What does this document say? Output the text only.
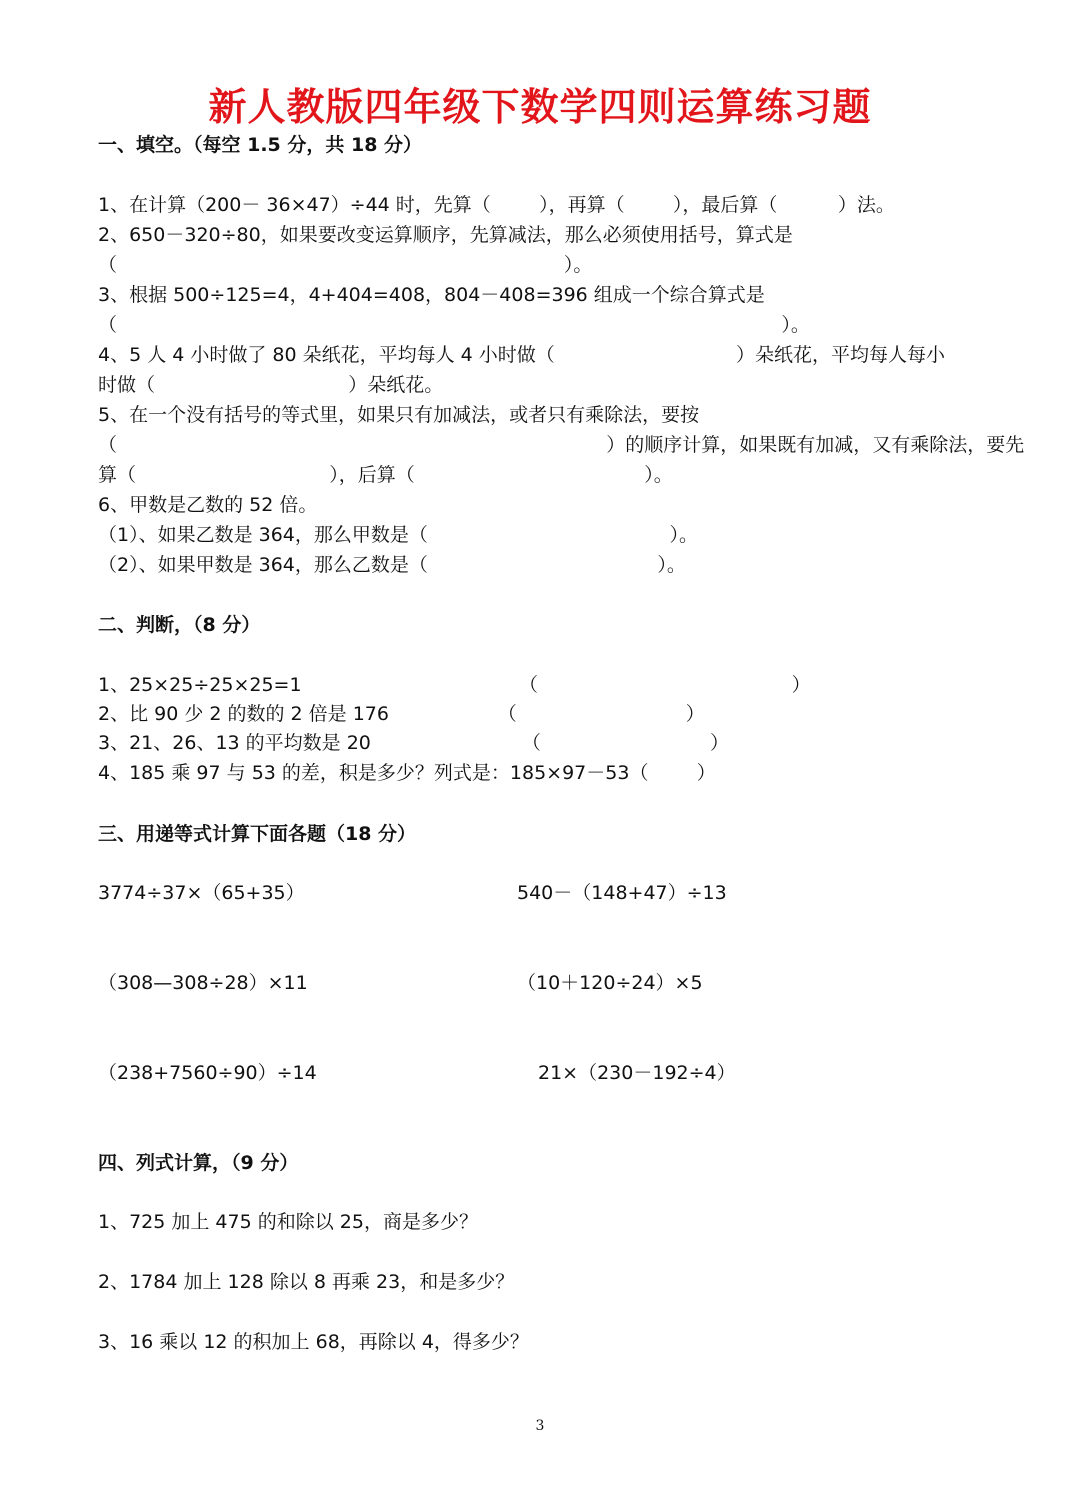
新人教版四年级下数学四则运算练习题
一、填空。（每空 1.5 分，共 18 分）
1、在计算（200－ 36×47）÷44 时，先算（        ），再算（        ），最后算（          ）法。
2、650－320÷80，如果要改变运算顺序，先算减法，那么必须使用括号，算式是
（                                                                          ）。
3、根据 500÷125=4，4+404=408，804－408=396 组成一个综合算式是
（                                                                                                              ）。
4、5 人 4 小时做了 80 朵纸花，平均每人 4 小时做（                              ）朵纸花，平均每人每小
时做（                                ）朵纸花。
5、在一个没有括号的等式里，如果只有加减法，或者只有乘除法，要按
（                                                                                 ）的顺序计算，如果既有加减，又有乘除法，要先
算（                                ），后算（                                      ）。
6、甲数是乙数的 52 倍。
（1）、如果乙数是 364，那么甲数是（                                        ）。
（2）、如果甲数是 364，那么乙数是（                                      ）。
二、判断，（8 分）
1、25×25÷25×25=1                                    （                                          ）
2、比 90 少 2 的数的 2 倍是 176                  （                            ）
3、21、26、13 的平均数是 20                         （                            ）
4、185 乘 97 与 53 的差，积是多少？列式是：185×97－53（        ）
三、用递等式计算下面各题（18 分）
3774÷37×（65+35）	540－（148+47）÷13
（308—308÷28）×11	（10＋120÷24）×5
（238+7560÷90）÷14	21×（230－192÷4）
四、列式计算，（9 分）
1、725 加上 475 的和除以 25，商是多少？
2、1784 加上 128 除以 8 再乘 23，和是多少？
3、16 乘以 12 的积加上 68，再除以 4，得多少？
3
